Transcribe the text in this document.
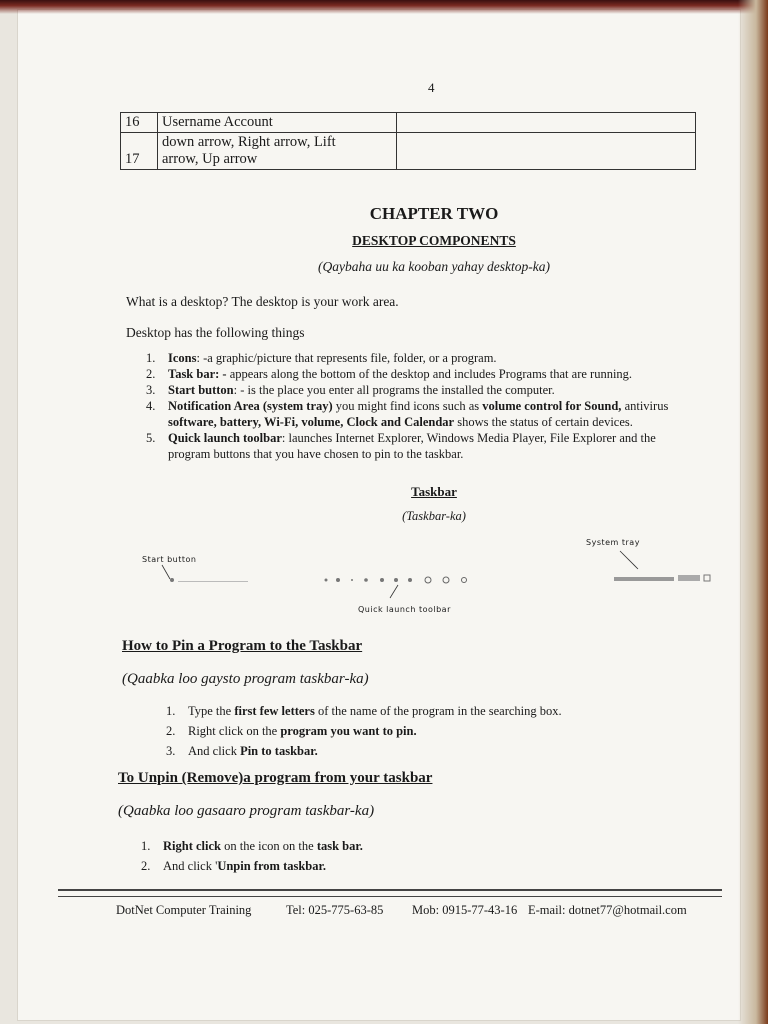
4
16	Username Account	
17	down arrow, Right arrow, Lift
arrow, Up arrow	

CHAPTER TWO
DESKTOP COMPONENTS
(Qaybaha uu ka kooban yahay desktop-ka)
What is a desktop? The desktop is your work area.
Desktop has the following things
1. Icons: -a graphic/picture that represents file, folder, or a program.
2. Task bar: - appears along the bottom of the desktop and includes Programs that are running.
3. Start button: - is the place you enter all programs the installed the computer.
4. Notification Area (system tray) you might find icons such as volume control for Sound, antivirus
software, battery, Wi-Fi, volume, Clock and Calendar shows the status of certain devices.
5. Quick launch toolbar: launches Internet Explorer, Windows Media Player, File Explorer and the
program buttons that you have chosen to pin to the taskbar.
Taskbar
(Taskbar-ka)
Start button
System tray
Quick launch toolbar
How to Pin a Program to the Taskbar
(Qaabka loo gaysto program taskbar-ka)
1. Type the first few letters of the name of the program in the searching box.
2. Right click on the program you want to pin.
3. And click Pin to taskbar.
To Unpin (Remove)a program from your taskbar
(Qaabka loo gasaaro program taskbar-ka)
1. Right click on the icon on the task bar.
2. And click 'Unpin from taskbar.
DotNet Computer Training	Tel: 025-775-63-85 Mob: 0915-77-43-16 E-mail: dotnet77@hotmail.com
